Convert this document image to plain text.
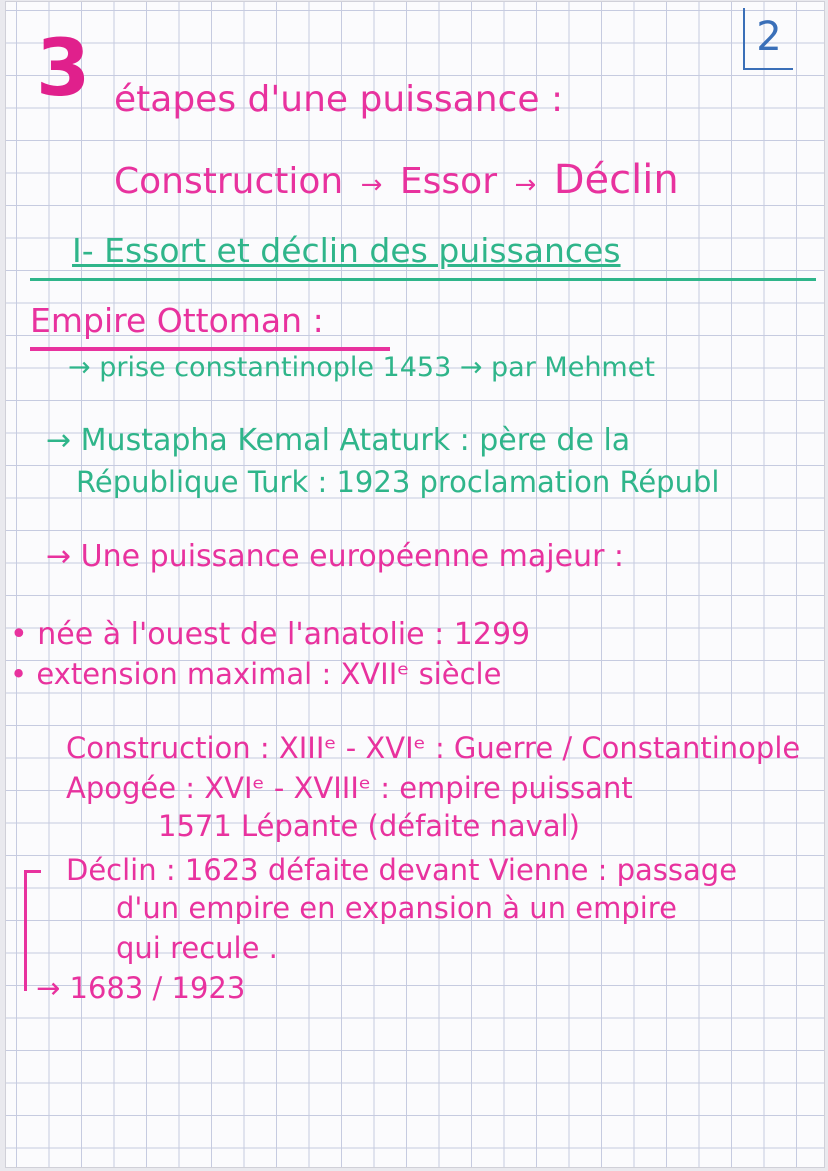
2
3 étapes d'une puissance :
Construction → Essor → Déclin
I- Essort et déclin des puissances
Empire Ottoman :
→ prise constantinople 1453 → par Mehmet
→ Mustapha Kemal Ataturk : père de la
République Turk : 1923 proclamation Républ
→ Une puissance européenne majeur :
• née à l'ouest de l'anatolie : 1299
• extension maximal : XVIIᵉ siècle
Construction : XIIIᵉ - XVIᵉ : Guerre / Constantinople
Apogée : XVIᵉ - XVIIIᵉ : empire puissant
1571 Lépante (défaite naval)
Déclin : 1623 défaite devant Vienne : passage
d'un empire en expansion à un empire
qui recule .
→ 1683 / 1923
